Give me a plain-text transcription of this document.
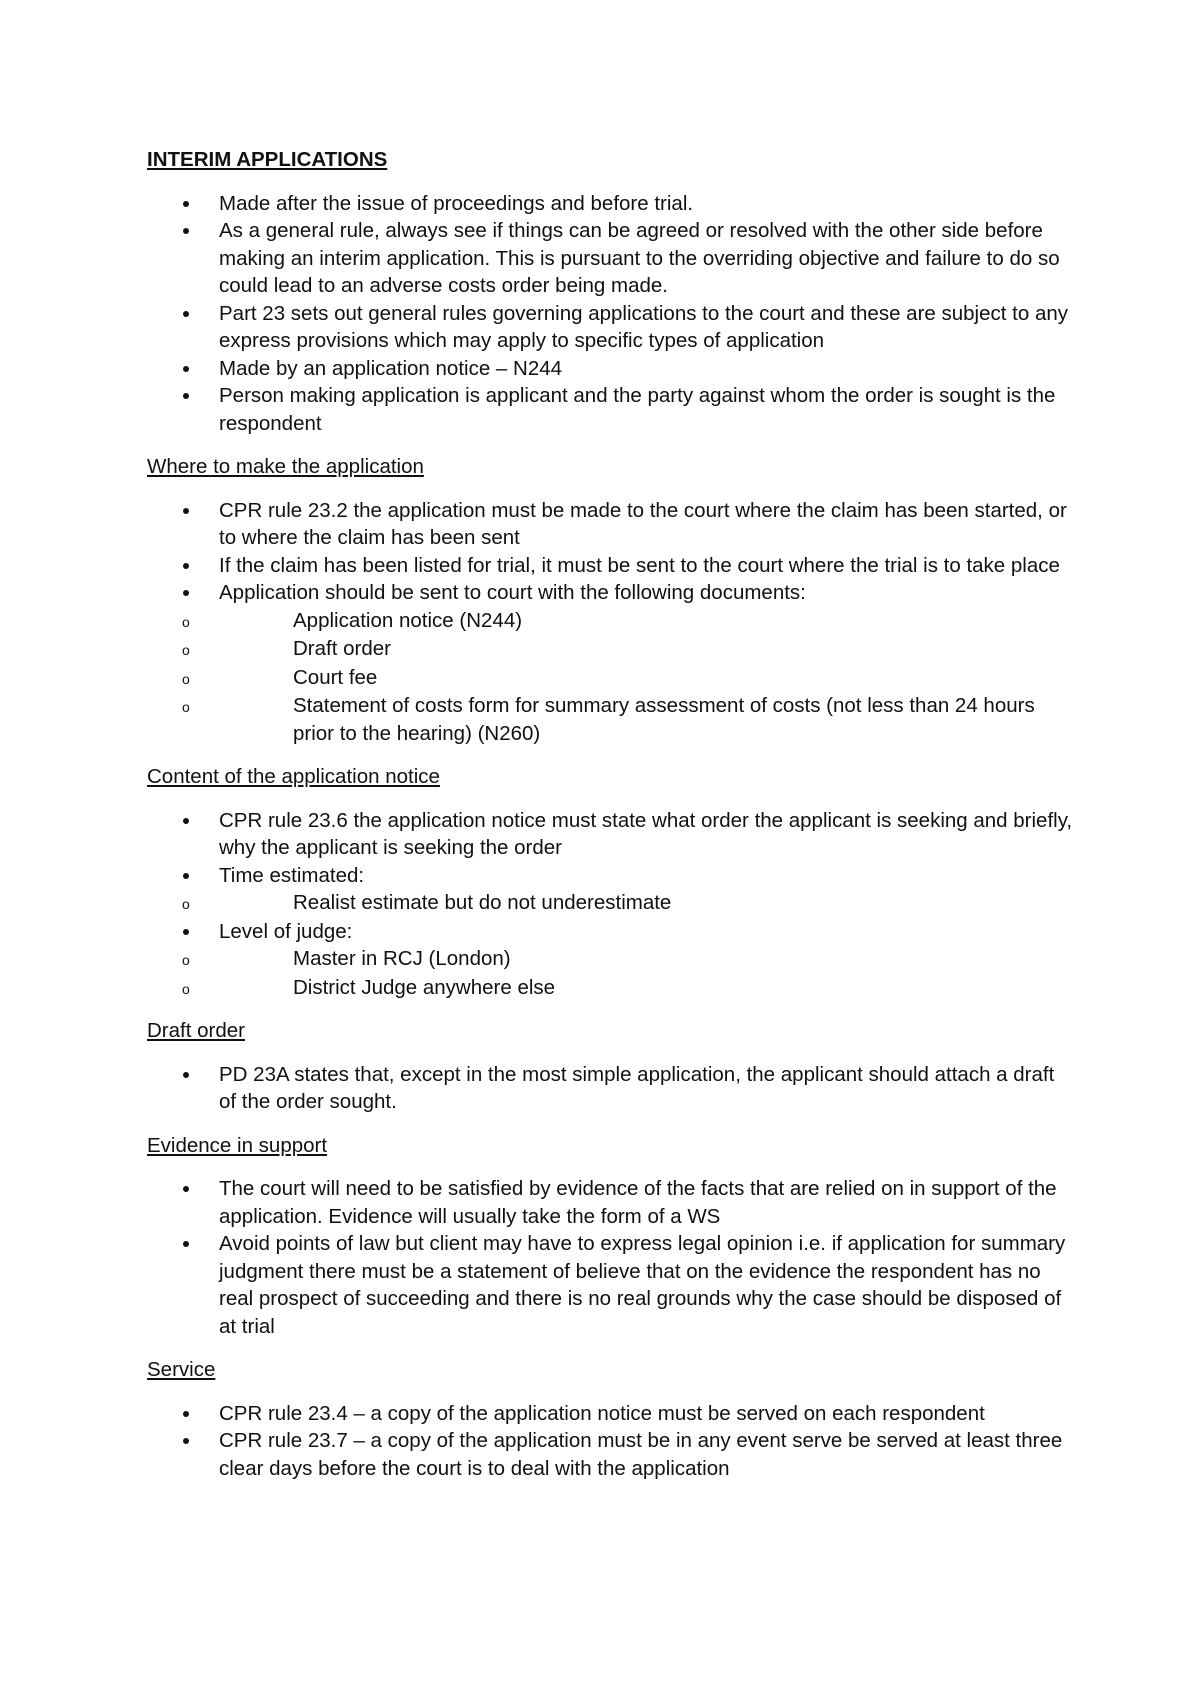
INTERIM APPLICATIONS
Made after the issue of proceedings and before trial.
As a general rule, always see if things can be agreed or resolved with the other side before making an interim application. This is pursuant to the overriding objective and failure to do so could lead to an adverse costs order being made.
Part 23 sets out general rules governing applications to the court and these are subject to any express provisions which may apply to specific types of application
Made by an application notice – N244
Person making application is applicant and the party against whom the order is sought is the respondent
Where to make the application
CPR rule 23.2 the application must be made to the court where the claim has been started, or to where the claim has been sent
If the claim has been listed for trial, it must be sent to the court where the trial is to take place
Application should be sent to court with the following documents:
o	Application notice (N244)
o	Draft order
o	Court fee
o	Statement of costs form for summary assessment of costs (not less than 24 hours prior to the hearing) (N260)
Content of the application notice
CPR rule 23.6 the application notice must state what order the applicant is seeking and briefly, why the applicant is seeking the order
Time estimated:
o	Realist estimate but do not underestimate
Level of judge:
o	Master in RCJ (London)
o	District Judge anywhere else
Draft order
PD 23A states that, except in the most simple application, the applicant should attach a draft of the order sought.
Evidence in support
The court will need to be satisfied by evidence of the facts that are relied on in support of the application. Evidence will usually take the form of a WS
Avoid points of law but client may have to express legal opinion i.e. if application for summary judgment there must be a statement of believe that on the evidence the respondent has no real prospect of succeeding and there is no real grounds why the case should be disposed of at trial
Service
CPR rule 23.4 – a copy of the application notice must be served on each respondent
CPR rule 23.7 – a copy of the application must be in any event serve be served at least three clear days before the court is to deal with the application
